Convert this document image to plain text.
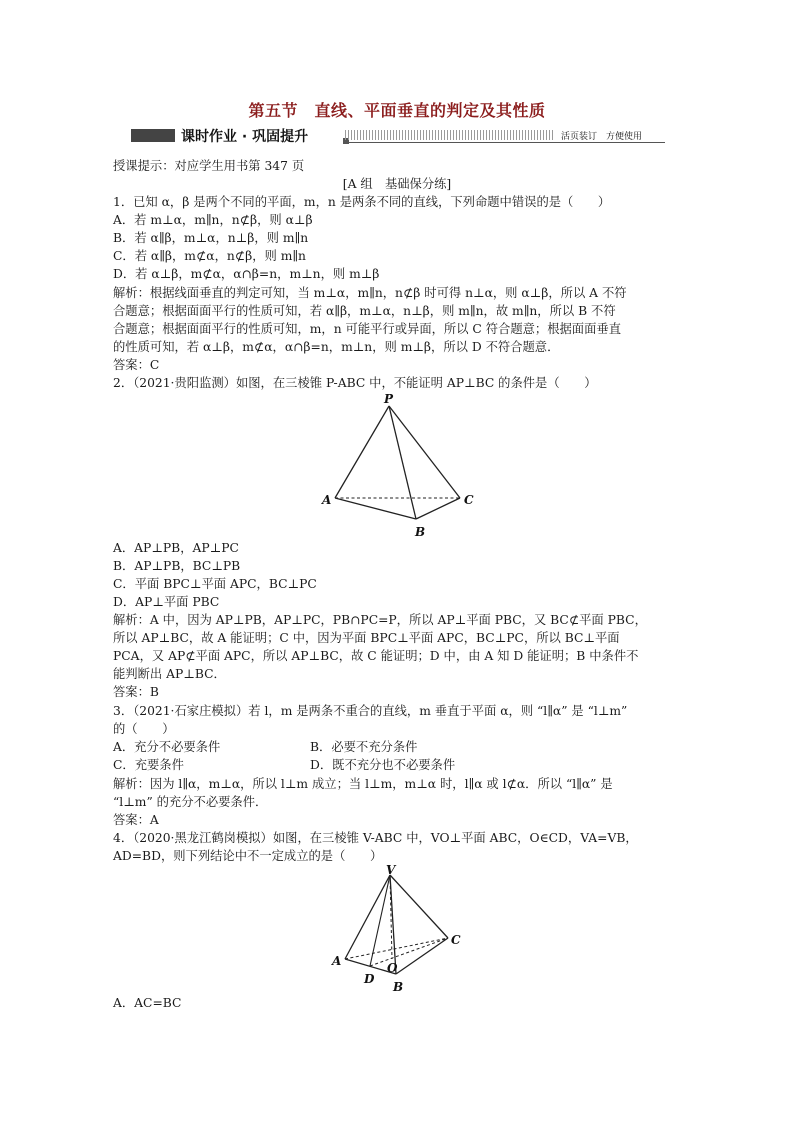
第五节　直线、平面垂直的判定及其性质
课时作业 · 巩固提升	活页装订　方便使用
授课提示：对应学生用书第 347 页
[A 组　基础保分练]
1．已知 α，β 是两个不同的平面，m，n 是两条不同的直线，下列命题中错误的是（　　）
A．若 m⊥α，m∥n，n⊄β，则 α⊥β
B．若 α∥β，m⊥α，n⊥β，则 m∥n
C．若 α∥β，m⊄α，n⊄β，则 m∥n
D．若 α⊥β，m⊄α，α∩β=n，m⊥n，则 m⊥β
解析：根据线面垂直的判定可知，当 m⊥α，m∥n，n⊄β 时可得 n⊥α，则 α⊥β，所以 A 不符
合题意；根据面面平行的性质可知，若 α∥β，m⊥α，n⊥β，则 m∥n，故 m∥n，所以 B 不符
合题意；根据面面平行的性质可知，m，n 可能平行或异面，所以 C 符合题意；根据面面垂直
的性质可知，若 α⊥β，m⊄α，α∩β=n，m⊥n，则 m⊥β，所以 D 不符合题意．
答案：C
2．（2021·贵阳监测）如图，在三棱锥 P-ABC 中，不能证明 AP⊥BC 的条件是（　　）
P
A	C
B
A．AP⊥PB，AP⊥PC
B．AP⊥PB，BC⊥PB
C．平面 BPC⊥平面 APC，BC⊥PC
D．AP⊥平面 PBC
解析：A 中，因为 AP⊥PB，AP⊥PC，PB∩PC=P，所以 AP⊥平面 PBC，又 BC⊄平面 PBC，
所以 AP⊥BC，故 A 能证明；C 中，因为平面 BPC⊥平面 APC，BC⊥PC，所以 BC⊥平面
PCA，又 AP⊄平面 APC，所以 AP⊥BC，故 C 能证明；D 中，由 A 知 D 能证明；B 中条件不
能判断出 AP⊥BC．
答案：B
3．（2021·石家庄模拟）若 l，m 是两条不重合的直线，m 垂直于平面 α，则 “l∥α” 是 “l⊥m”
的（　　）
A．充分不必要条件	B．必要不充分条件
C．充要条件	D．既不充分也不必要条件
解析：因为 l∥α，m⊥α，所以 l⊥m 成立；当 l⊥m，m⊥α 时，l∥α 或 l⊄α．所以 “l∥α” 是
“l⊥m” 的充分不必要条件．
答案：A
4．（2020·黑龙江鹤岗模拟）如图，在三棱锥 V-ABC 中，VO⊥平面 ABC，O∈CD，VA=VB，
AD=BD，则下列结论中不一定成立的是（　　）
V
A
C
D
O
B
A．AC=BC
